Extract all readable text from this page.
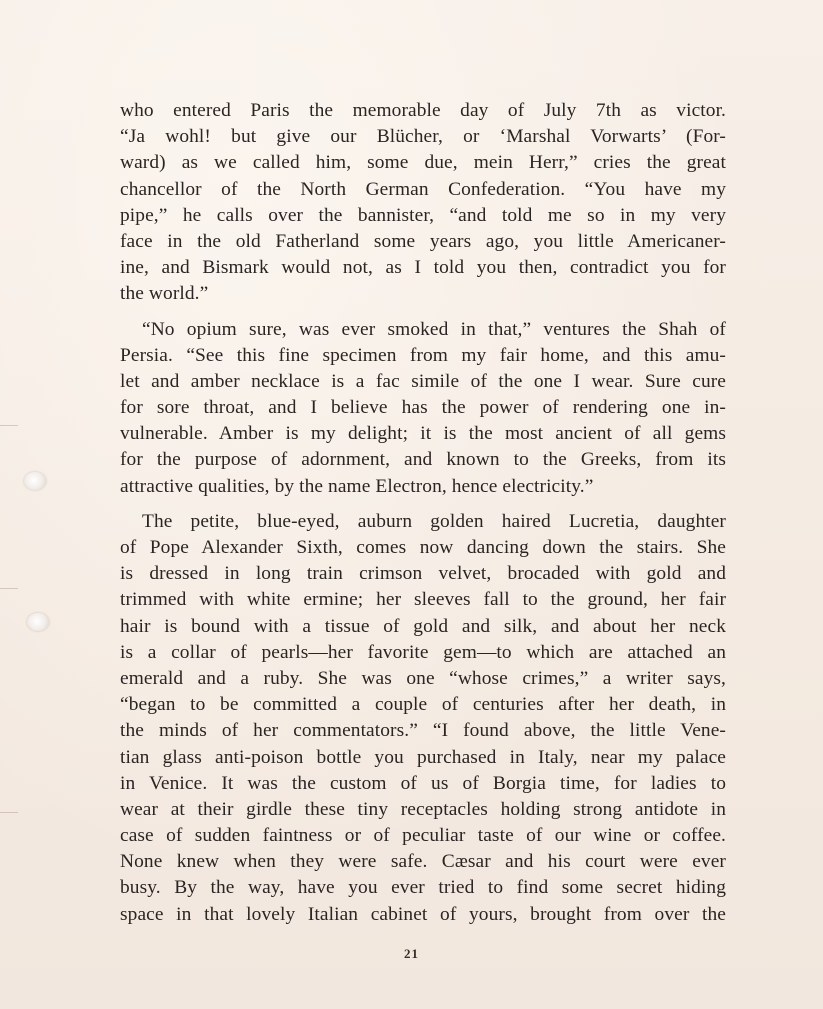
who entered Paris the memorable day of July 7th as victor.
“Ja wohl! but give our Blücher, or ‘Marshal Vorwarts’ (For-
ward) as we called him, some due, mein Herr,” cries the great
chancellor of the North German Confederation. “You have my
pipe,” he calls over the bannister, “and told me so in my very
face in the old Fatherland some years ago, you little Americaner-
ine, and Bismark would not, as I told you then, contradict you for
the world.”
“No opium sure, was ever smoked in that,” ventures the Shah of
Persia. “See this fine specimen from my fair home, and this amu-
let and amber necklace is a fac simile of the one I wear. Sure cure
for sore throat, and I believe has the power of rendering one in-
vulnerable. Amber is my delight; it is the most ancient of all gems
for the purpose of adornment, and known to the Greeks, from its
attractive qualities, by the name Electron, hence electricity.”
The petite, blue-eyed, auburn golden haired Lucretia, daughter
of Pope Alexander Sixth, comes now dancing down the stairs. She
is dressed in long train crimson velvet, brocaded with gold and
trimmed with white ermine; her sleeves fall to the ground, her fair
hair is bound with a tissue of gold and silk, and about her neck
is a collar of pearls—her favorite gem—to which are attached an
emerald and a ruby. She was one “whose crimes,” a writer says,
“began to be committed a couple of centuries after her death, in
the minds of her commentators.” “I found above, the little Vene-
tian glass anti-poison bottle you purchased in Italy, near my palace
in Venice. It was the custom of us of Borgia time, for ladies to
wear at their girdle these tiny receptacles holding strong antidote in
case of sudden faintness or of peculiar taste of our wine or coffee.
None knew when they were safe. Cæsar and his court were ever
busy. By the way, have you ever tried to find some secret hiding
space in that lovely Italian cabinet of yours, brought from over the
21
